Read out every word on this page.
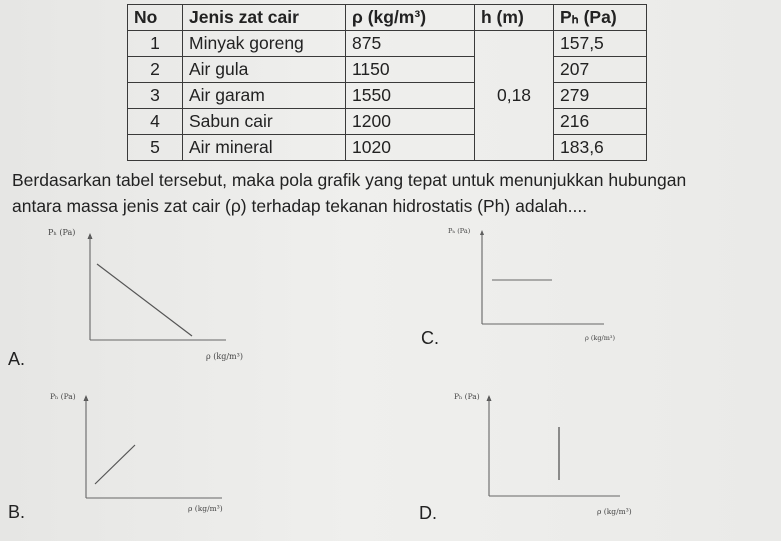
No	Jenis zat cair	ρ (kg/m³)	h (m)	Pₕ (Pa)
1	Minyak goreng	875	0,18	157,5
2	Air gula	1150		207
3	Air garam	1550		279
4	Sabun cair	1200		216
5	Air mineral	1020		183,6
Berdasarkan tabel tersebut, maka pola grafik yang tepat untuk menunjukkan hubungan
antara massa jenis zat cair (ρ) terhadap tekanan hidrostatis (Ph) adalah....
A.
Pₕ (Pa)
ρ (kg/m³)
C.
Pₕ (Pa)
ρ (kg/m³)
B.
Pₕ (Pa)
ρ (kg/m³)	D.
Pₕ (Pa)
ρ (kg/m³)
